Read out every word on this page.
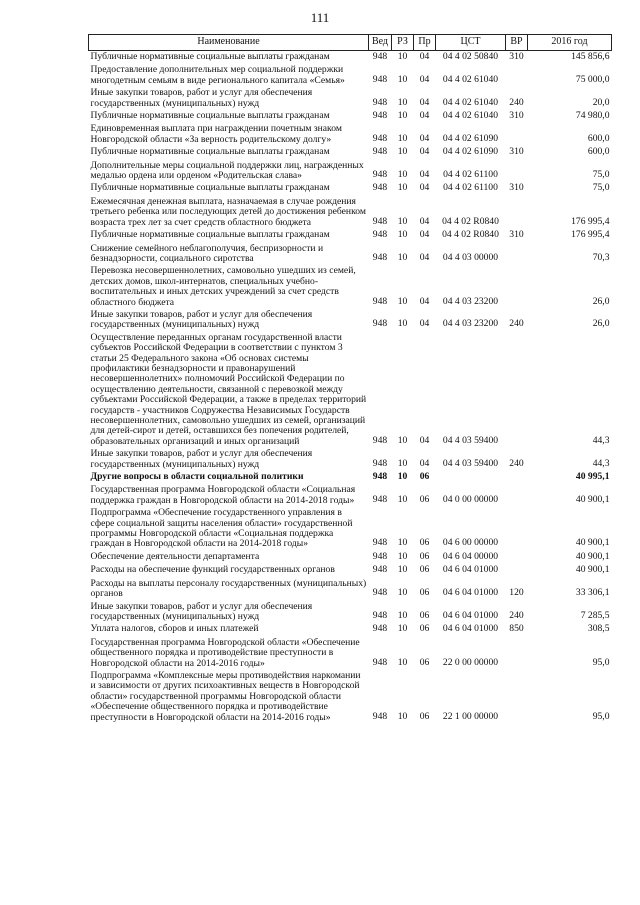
111
Наименование	Вед	РЗ	Пр	ЦСТ	ВР	2016 год
Публичные нормативные социальные выплаты гражданам	948	10	04	04 4 02 50840	310	145 856,6
Предоставление дополнительных мер социальной поддержки многодетным семьям в виде регионального капитала «Семья»	948	10	04	04 4 02 61040		75 000,0
Иные закупки товаров, работ и услуг для обеспечения государственных (муниципальных) нужд	948	10	04	04 4 02 61040	240	20,0
Публичные нормативные социальные выплаты гражданам	948	10	04	04 4 02 61040	310	74 980,0
Единовременная выплата при награждении почетным знаком Новгородской области «За верность родительскому долгу»	948	10	04	04 4 02 61090		600,0
Публичные нормативные социальные выплаты гражданам	948	10	04	04 4 02 61090	310	600,0
Дополнительные меры социальной поддержки лиц, награжденных медалью ордена или орденом «Родительская слава»	948	10	04	04 4 02 61100		75,0
Публичные нормативные социальные выплаты гражданам	948	10	04	04 4 02 61100	310	75,0
Ежемесячная денежная выплата, назначаемая в случае рождения третьего ребенка или последующих детей до достижения ребенком возраста трех лет за счет средств областного бюджета	948	10	04	04 4 02 R0840		176 995,4
Публичные нормативные социальные выплаты гражданам	948	10	04	04 4 02 R0840	310	176 995,4
Снижение семейного неблагополучия, беспризорности и безнадзорности, социального сиротства	948	10	04	04 4 03 00000		70,3
Перевозка несовершеннолетних, самовольно ушедших из семей, детских домов, школ-интернатов, специальных учебно-воспитательных и иных детских учреждений за счет средств областного бюджета	948	10	04	04 4 03 23200		26,0
Иные закупки товаров, работ и услуг для обеспечения государственных (муниципальных) нужд	948	10	04	04 4 03 23200	240	26,0
Осуществление переданных органам государственной власти субъектов Российской Федерации в соответствии с пунктом 3 статьи 25 Федерального закона «Об основах системы профилактики безнадзорности и правонарушений несовершеннолетних» полномочий Российской Федерации по осуществлению деятельности, связанной с перевозкой между субъектами Российской Федерации, а также в пределах территорий государств - участников Содружества Независимых Государств несовершеннолетних, самовольно ушедших из семей, организаций для детей-сирот и детей, оставшихся без попечения родителей, образовательных организаций и иных организаций	948	10	04	04 4 03 59400		44,3
Иные закупки товаров, работ и услуг для обеспечения государственных (муниципальных) нужд	948	10	04	04 4 03 59400	240	44,3
Другие вопросы в области социальной политики	948	10	06			40 995,1
Государственная программа Новгородской области «Социальная поддержка граждан в Новгородской области на 2014-2018 годы»	948	10	06	04 0 00 00000		40 900,1
Подпрограмма «Обеспечение государственного управления в сфере социальной защиты населения области» государственной программы Новгородской области «Социальная поддержка граждан в Новгородской области на 2014-2018 годы»	948	10	06	04 6 00 00000		40 900,1
Обеспечение деятельности департамента	948	10	06	04 6 04 00000		40 900,1
Расходы на обеспечение функций государственных органов	948	10	06	04 6 04 01000		40 900,1
Расходы на выплаты персоналу государственных (муниципальных) органов	948	10	06	04 6 04 01000	120	33 306,1
Иные закупки товаров, работ и услуг для обеспечения государственных (муниципальных) нужд	948	10	06	04 6 04 01000	240	7 285,5
Уплата налогов, сборов и иных платежей	948	10	06	04 6 04 01000	850	308,5
Государственная программа Новгородской области «Обеспечение общественного порядка и противодействие преступности в Новгородской области на 2014-2016 годы»	948	10	06	22 0 00 00000		95,0
Подпрограмма «Комплексные меры противодействия наркомании и зависимости от других психоактивных веществ в Новгородской области» государственной программы Новгородской области «Обеспечение общественного порядка и противодействие преступности в Новгородской области на 2014-2016 годы»	948	10	06	22 1 00 00000		95,0
